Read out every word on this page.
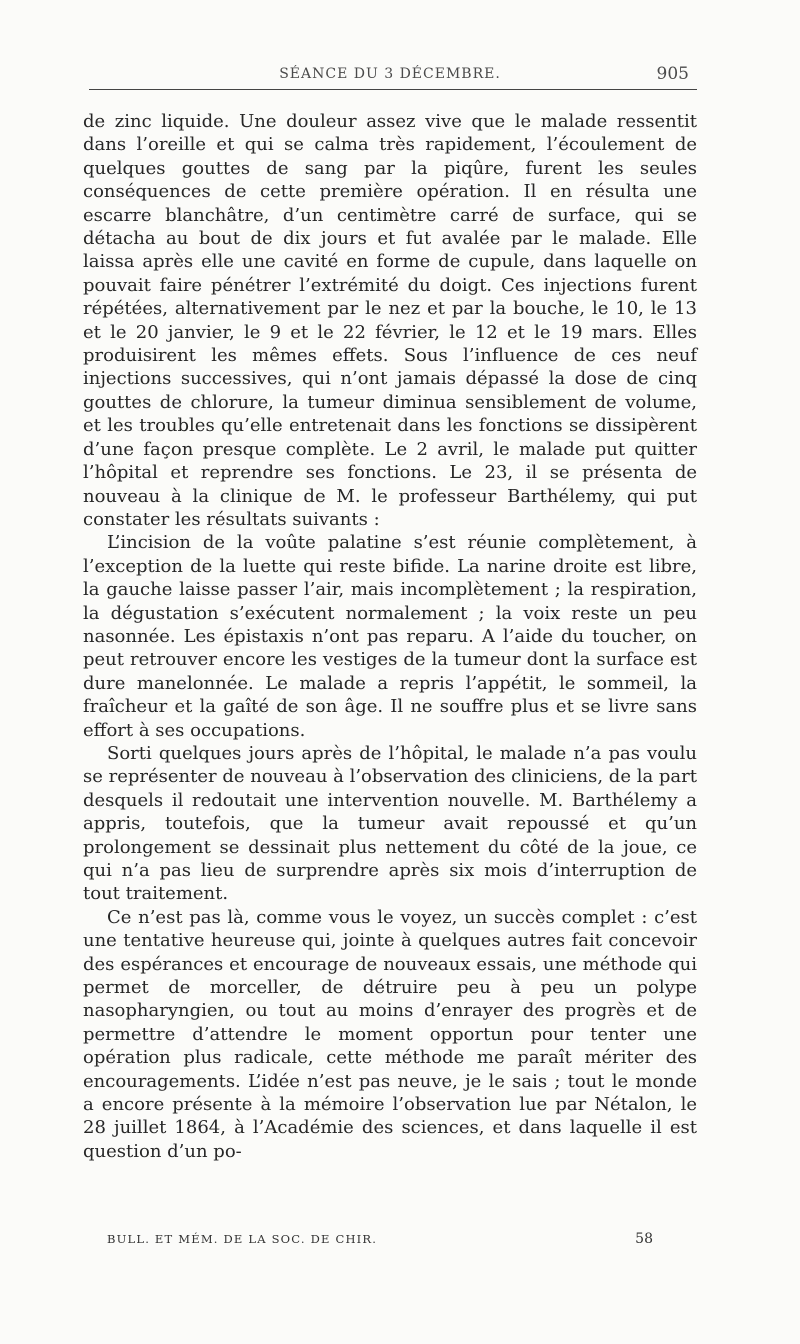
SÉANCE DU 3 DÉCEMBRE.	905

de zinc liquide. Une douleur assez vive que le malade ressentit dans l’oreille et qui se calma très rapidement, l’écoulement de quelques gouttes de sang par la piqûre, furent les seules conséquences de cette première opération. Il en résulta une escarre blanchâtre, d’un centimètre carré de surface, qui se détacha au bout de dix jours et fut avalée par le malade. Elle laissa après elle une cavité en forme de cupule, dans laquelle on pouvait faire pénétrer l’extrémité du doigt. Ces injections furent répétées, alternativement par le nez et par la bouche, le 10, le 13 et le 20 janvier, le 9 et le 22 février, le 12 et le 19 mars. Elles produisirent les mêmes effets. Sous l’influence de ces neuf injections successives, qui n’ont jamais dépassé la dose de cinq gouttes de chlorure, la tumeur diminua sensiblement de volume, et les troubles qu’elle entretenait dans les fonctions se dissipèrent d’une façon presque complète. Le 2 avril, le malade put quitter l’hôpital et reprendre ses fonctions. Le 23, il se présenta de nouveau à la clinique de M. le professeur Barthélemy, qui put constater les résultats suivants :

L’incision de la voûte palatine s’est réunie complètement, à l’exception de la luette qui reste bifide. La narine droite est libre, la gauche laisse passer l’air, mais incomplètement ; la respiration, la dégustation s’exécutent normalement ; la voix reste un peu nasonnée. Les épistaxis n’ont pas reparu. A l’aide du toucher, on peut retrouver encore les vestiges de la tumeur dont la surface est dure manelonnée. Le malade a repris l’appétit, le sommeil, la fraîcheur et la gaîté de son âge. Il ne souffre plus et se livre sans effort à ses occupations.

Sorti quelques jours après de l’hôpital, le malade n’a pas voulu se représenter de nouveau à l’observation des cliniciens, de la part desquels il redoutait une intervention nouvelle. M. Barthélemy a appris, toutefois, que la tumeur avait repoussé et qu’un prolongement se dessinait plus nettement du côté de la joue, ce qui n’a pas lieu de surprendre après six mois d’interruption de tout traitement.

Ce n’est pas là, comme vous le voyez, un succès complet : c’est une tentative heureuse qui, jointe à quelques autres fait concevoir des espérances et encourage de nouveaux essais, une méthode qui permet de morceller, de détruire peu à peu un polype nasopharyngien, ou tout au moins d’enrayer des progrès et de permettre d’attendre le moment opportun pour tenter une opération plus radicale, cette méthode me paraît mériter des encouragements. L’idée n’est pas neuve, je le sais ; tout le monde a encore présente à la mémoire l’observation lue par Nétalon, le 28 juillet 1864, à l’Académie des sciences, et dans laquelle il est question d’un po-

BULL. ET MÉM. DE LA SOC. DE CHIR.	58
